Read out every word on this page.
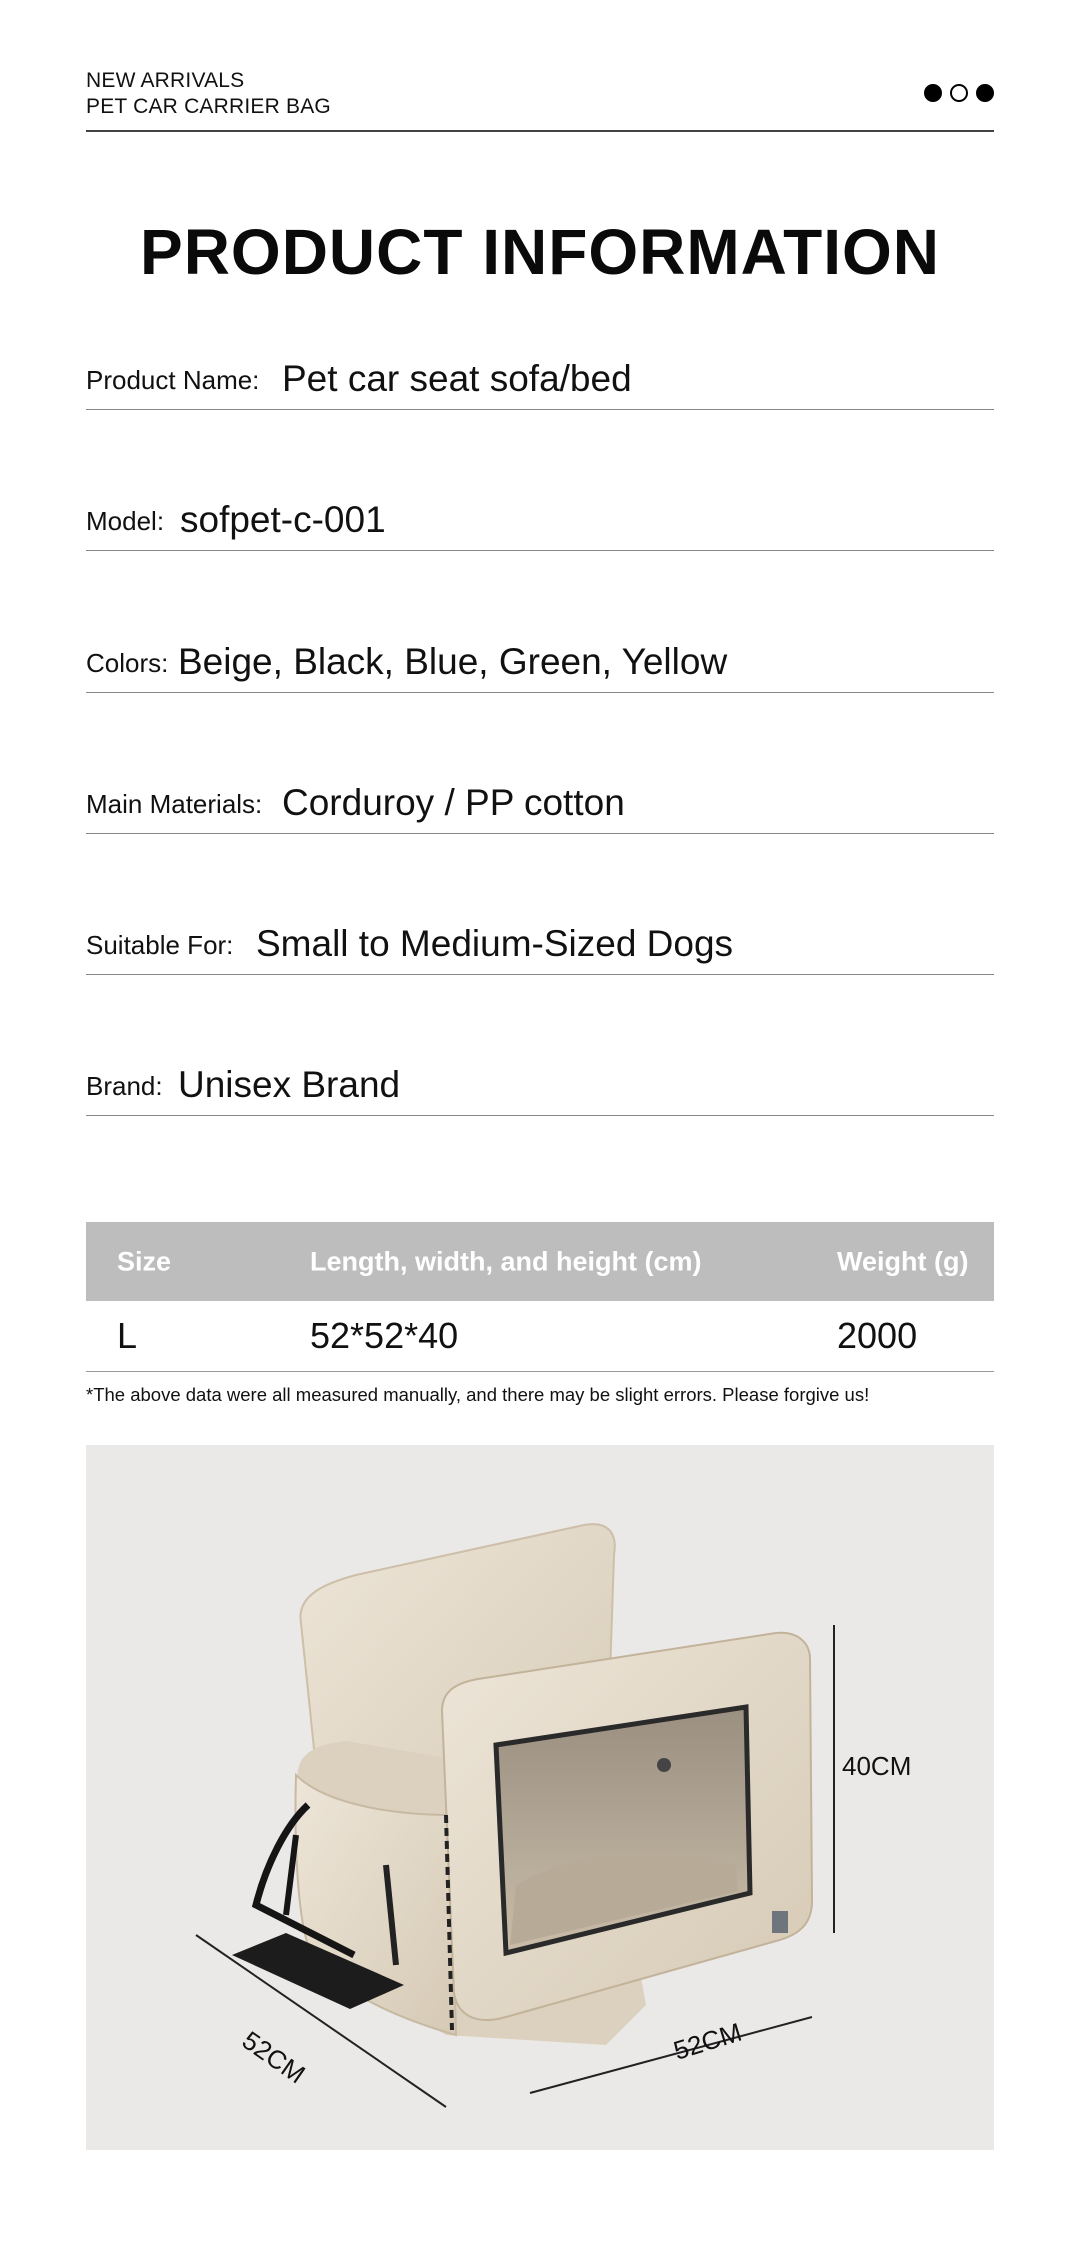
NEW ARRIVALS
PET CAR CARRIER BAG
PRODUCT INFORMATION
Product Name: Pet car seat sofa/bed
Model: sofpet-c-001
Colors: Beige, Black, Blue, Green, Yellow
Main Materials: Corduroy / PP cotton
Suitable For: Small to Medium-Sized Dogs
Brand: Unisex Brand
Size	Length, width, and height (cm)	Weight (g)
L	52*52*40	2000
*The above data were all measured manually, and there may be slight errors. Please forgive us!
40CM
52CM	52CM
